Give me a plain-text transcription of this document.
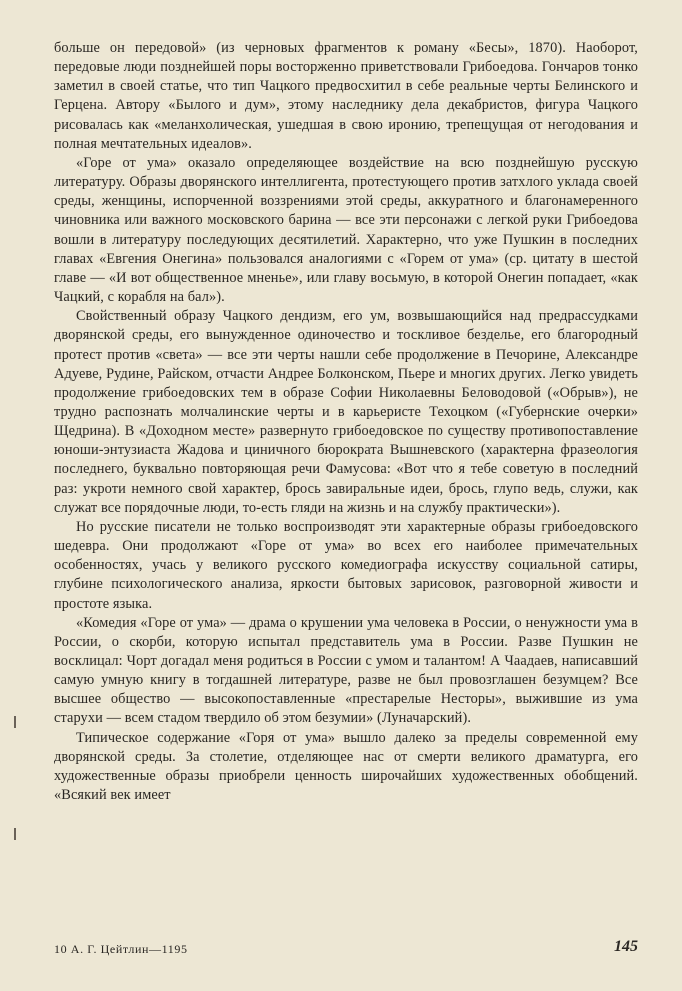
больше он передовой» (из черновых фрагментов к роману «Бесы», 1870). Наоборот, передовые люди позднейшей поры восторженно приветствовали Грибоедова. Гончаров тонко заметил в своей статье, что тип Чацкого предвосхитил в себе реальные черты Белинского и Герцена. Автору «Былого и дум», этому наследнику дела декабристов, фигура Чацкого рисовалась как «меланхолическая, ушедшая в свою иронию, трепещущая от негодования и полная мечтательных идеалов».

«Горе от ума» оказало определяющее воздействие на всю позднейшую русскую литературу. Образы дворянского интеллигента, протестующего против затхлого уклада своей среды, женщины, испорченной воззрениями этой среды, аккуратного и благонамеренного чиновника или важного московского барина — все эти персонажи с легкой руки Грибоедова вошли в литературу последующих десятилетий. Характерно, что уже Пушкин в последних главах «Евгения Онегина» пользовался аналогиями с «Горем от ума» (ср. цитату в шестой главе — «И вот общественное мненье», или главу восьмую, в которой Онегин попадает, «как Чацкий, с корабля на бал»).

Свойственный образу Чацкого дендизм, его ум, возвышающийся над предрассудками дворянской среды, его вынужденное одиночество и тоскливое безделье, его благородный протест против «света» — все эти черты нашли себе продолжение в Печорине, Александре Адуеве, Рудине, Райском, отчасти Андрее Болконском, Пьере и многих других. Легко увидеть продолжение грибоедовских тем в образе Софии Николаевны Беловодовой («Обрыв»), не трудно распознать молчалинские черты и в карьеристе Техоцком («Губернские очерки» Щедрина). В «Доходном месте» развернуто грибоедовское по существу противопоставление юноши-энтузиаста Жадова и циничного бюрократа Вышневского (характерна фразеология последнего, буквально повторяющая речи Фамусова: «Вот что я тебе советую в последний раз: укроти немного свой характер, брось завиральные идеи, брось, глупо ведь, служи, как служат все порядочные люди, то-есть гляди на жизнь и на службу практически»).

Но русские писатели не только воспроизводят эти характерные образы грибоедовского шедевра. Они продолжают «Горе от ума» во всех его наиболее примечательных особенностях, учась у великого русского комедиографа искусству социальной сатиры, глубине психологического анализа, яркости бытовых зарисовок, разговорной живости и простоте языка.

«Комедия «Горе от ума» — драма о крушении ума человека в России, о ненужности ума в России, о скорби, которую испытал представитель ума в России. Разве Пушкин не восклицал: Чорт догадал меня родиться в России с умом и талантом! А Чаадаев, написавший самую умную книгу в тогдашней литературе, разве не был провозглашен безумцем? Все высшее общество — высокопоставленные «престарелые Несторы», выжившие из ума старухи — всем стадом твердило об этом безумии» (Луначарский).

Типическое содержание «Горя от ума» вышло далеко за пределы современной ему дворянской среды. За столетие, отделяющее нас от смерти великого драматурга, его художественные образы приобрели ценность широчайших художественных обобщений. «Всякий век имеет

10 А. Г. Цейтлин—1195	145
